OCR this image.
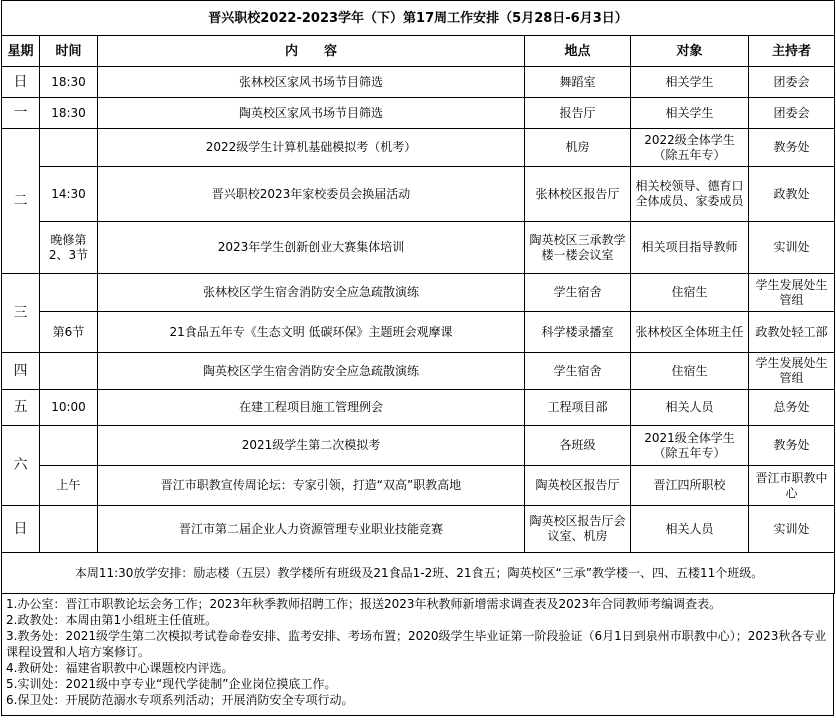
晋兴职校2022-2023学年（下）第17周工作安排（5月28日-6月3日）					
星期	时间	内　　容	地点	对象	主持者
日	18:30	张林校区家风书场节目筛选	舞蹈室	相关学生	团委会
一	18:30	陶英校区家风书场节目筛选	报告厅	相关学生	团委会
二		2022级学生计算机基础模拟考（机考）	机房	2022级全体学生（除五年专）	教务处
	14:30	晋兴职校2023年家校委员会换届活动	张林校区报告厅	相关校领导、德育口全体成员、家委成员	政教处
	晚修第2、3节	2023年学生创新创业大赛集体培训	陶英校区三承教学楼一楼会议室	相关项目指导教师	实训处
三		张林校区学生宿舍消防安全应急疏散演练	学生宿舍	住宿生	学生发展处生管组
	第6节	21食品五年专《生态文明 低碳环保》主题班会观摩课	科学楼录播室	张林校区全体班主任	政教处轻工部
四		陶英校区学生宿舍消防安全应急疏散演练	学生宿舍	住宿生	学生发展处生管组
五	10:00	在建工程项目施工管理例会	工程项目部	相关人员	总务处
六		2021级学生第二次模拟考	各班级	2021级全体学生（除五年专）	教务处
	上午	晋江市职教宣传周论坛：专家引领，打造“双高”职教高地	陶英校区报告厅	晋江四所职校	晋江市职教中心
日		晋江市第二届企业人力资源管理专业职业技能竞赛	陶英校区报告厅会议室、机房	相关人员	实训处
本周11:30放学安排：励志楼（五层）教学楼所有班级及21食品1-2班、21食五；陶英校区“三承”教学楼一、四、五楼11个班级。					
1.办公室：晋江市职教论坛会务工作；2023年秋季教师招聘工作；报送2023年秋教师新增需求调查表及2023年合同教师考编调查表。
2.政教处：本周由第1小组班主任值班。
3.教务处：2021级学生第二次模拟考试卷命卷安排、监考安排、考场布置；2020级学生毕业证第一阶段验证（6月1日到泉州市职教中心）；2023秋各专业课程设置和人培方案修订。
4.教研处：福建省职教中心课题校内评选。
5.实训处：2021级中亨专业“现代学徒制”企业岗位摸底工作。
6.保卫处：开展防范溺水专项系列活动；开展消防安全专项行动。
